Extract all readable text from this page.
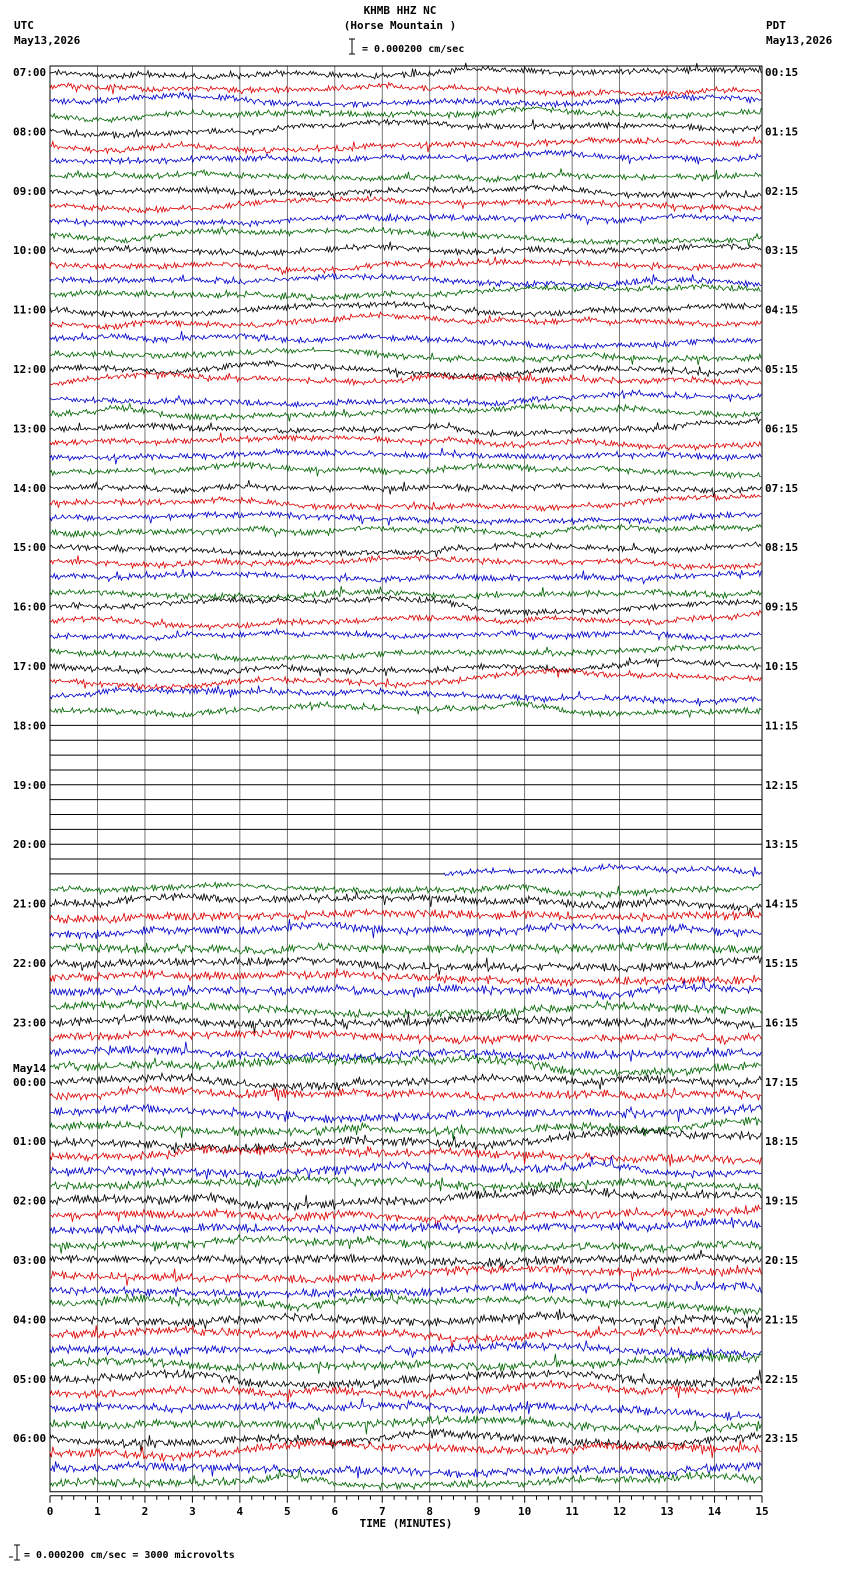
KHMB HHZ NC
(Horse Mountain )
UTC
May13,2026
PDT
May13,2026
= 0.000200 cm/sec
07:00	00:15
08:00	01:15
09:00	02:15
10:00	03:15
11:00	04:15
12:00	05:15
13:00	06:15
14:00	07:15
15:00	08:15
16:00	09:15
17:00	10:15
18:00	11:15
19:00	12:15
20:00	13:15
21:00	14:15
22:00	15:15
23:00	16:15
00:00	17:15
01:00	18:15
02:00	19:15
03:00	20:15
04:00	21:15
05:00	22:15
06:00	23:15
May14
0	1	2	3	4	5	6	7	8	9	10	11	12	13	14	15
TIME (MINUTES)
= 0.000200 cm/sec = 3000 microvolts
